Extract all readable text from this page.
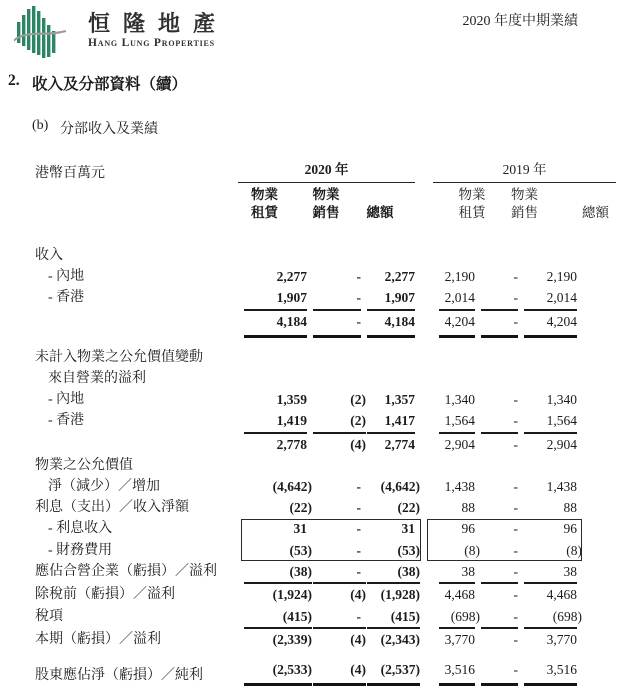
恒隆地產
Hang Lung Properties
2020 年度中期業績
2. 收入及分部資料（續）
(b) 分部收入及業績
港幣百萬元	2020 年	2019 年
物業	物業	物業	物業
租賃	銷售	總額	租賃	銷售	總額
收入
- 內地	2,277	-	2,277	2,190	-	2,190
- 香港	1,907	-	1,907	2,014	-	2,014
4,184	-	4,184	4,204	-	4,204
未計入物業之公允價值變動
來自營業的溢利
- 內地	1,359	(2)	1,357	1,340	-	1,340
- 香港	1,419	(2)	1,417	1,564	-	1,564
2,778	(4)	2,774	2,904	-	2,904
物業之公允價值
淨（減少）／增加	(4,642)	-	(4,642)	1,438	-	1,438
利息（支出）／收入淨額	(22)	-	(22)	88	-	88
- 利息收入	31	-	31	96	-	96
- 財務費用	(53)	-	(53)	(8)	-	(8)
應佔合營企業（虧損）／溢利	(38)	-	(38)	38	-	38
除稅前（虧損）／溢利	(1,924)	(4)	(1,928)	4,468	-	4,468
稅項	(415)	-	(415)	(698)	-	(698)
本期（虧損）／溢利	(2,339)	(4)	(2,343)	3,770	-	3,770
股東應佔淨（虧損）／純利	(2,533)	(4)	(2,537)	3,516	-	3,516
